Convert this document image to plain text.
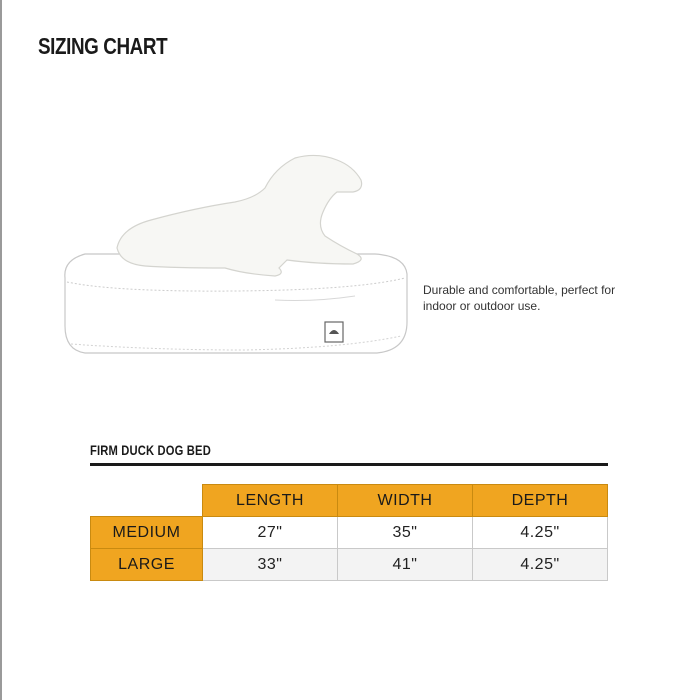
SIZING CHART

Durable and comfortable, perfect for indoor or outdoor use.

FIRM DUCK DOG BED
	LENGTH	WIDTH	DEPTH
MEDIUM	27"	35"	4.25"
LARGE	33"	41"	4.25"
